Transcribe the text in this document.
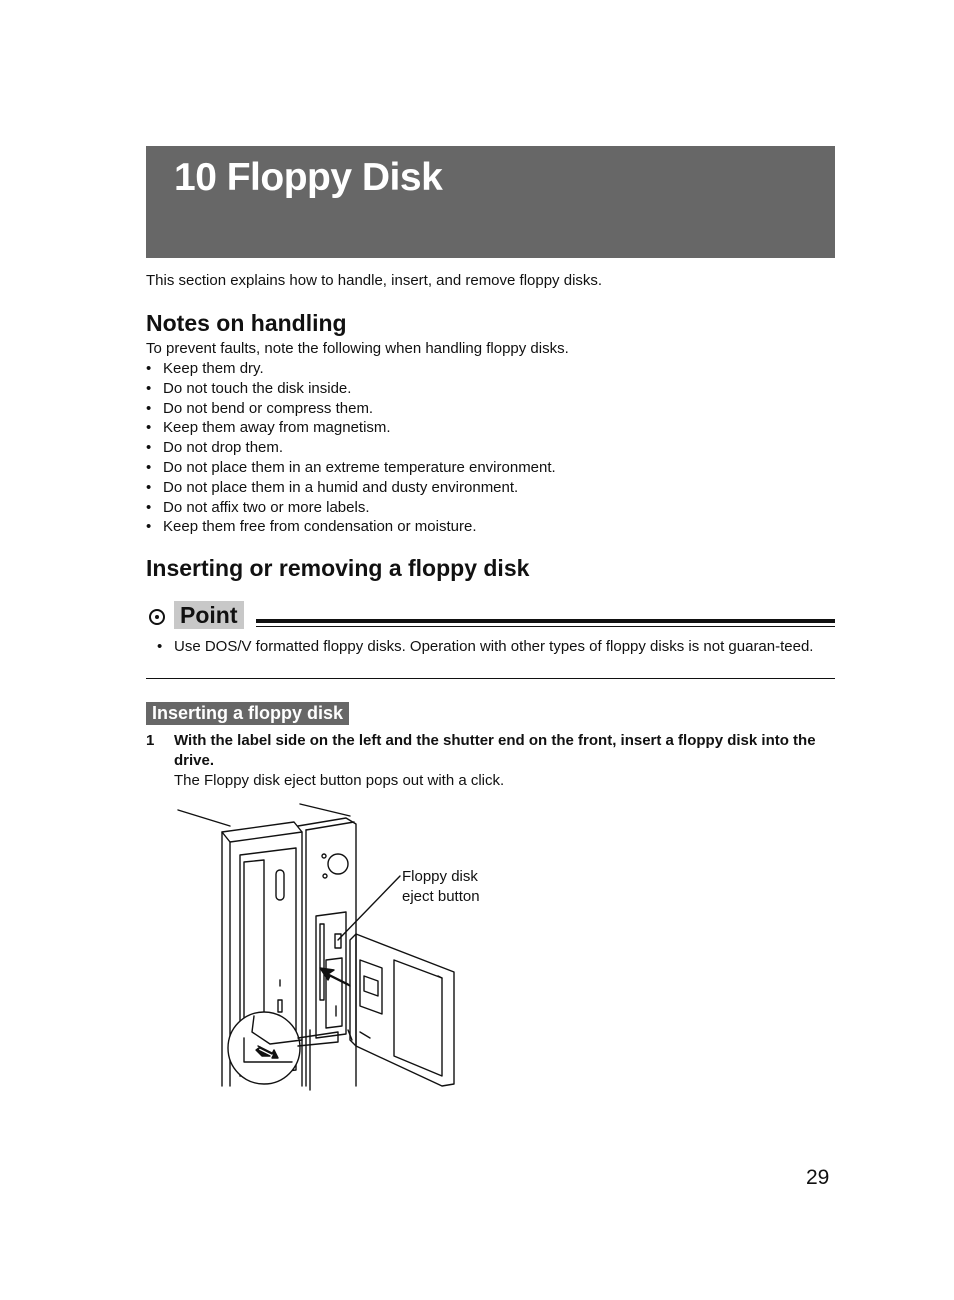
10 Floppy Disk

This section explains how to handle, insert, and remove floppy disks.

Notes on handling

To prevent faults, note the following when handling floppy disks.

• Keep them dry.
• Do not touch the disk inside.
• Do not bend or compress them.
• Keep them away from magnetism.
• Do not drop them.
• Do not place them in an extreme temperature environment.
• Do not place them in a humid and dusty environment.
• Do not affix two or more labels.
• Keep them free from condensation or moisture.
Inserting or removing a floppy disk
Point
• Use DOS/V formatted floppy disks. Operation with other types of floppy disks is not guaran-teed.

Inserting a floppy disk
1 With the label side on the left and the shutter end on the front, insert a floppy disk into the drive.

The Floppy disk eject button pops out with a click.

Floppy disk
eject button

29
